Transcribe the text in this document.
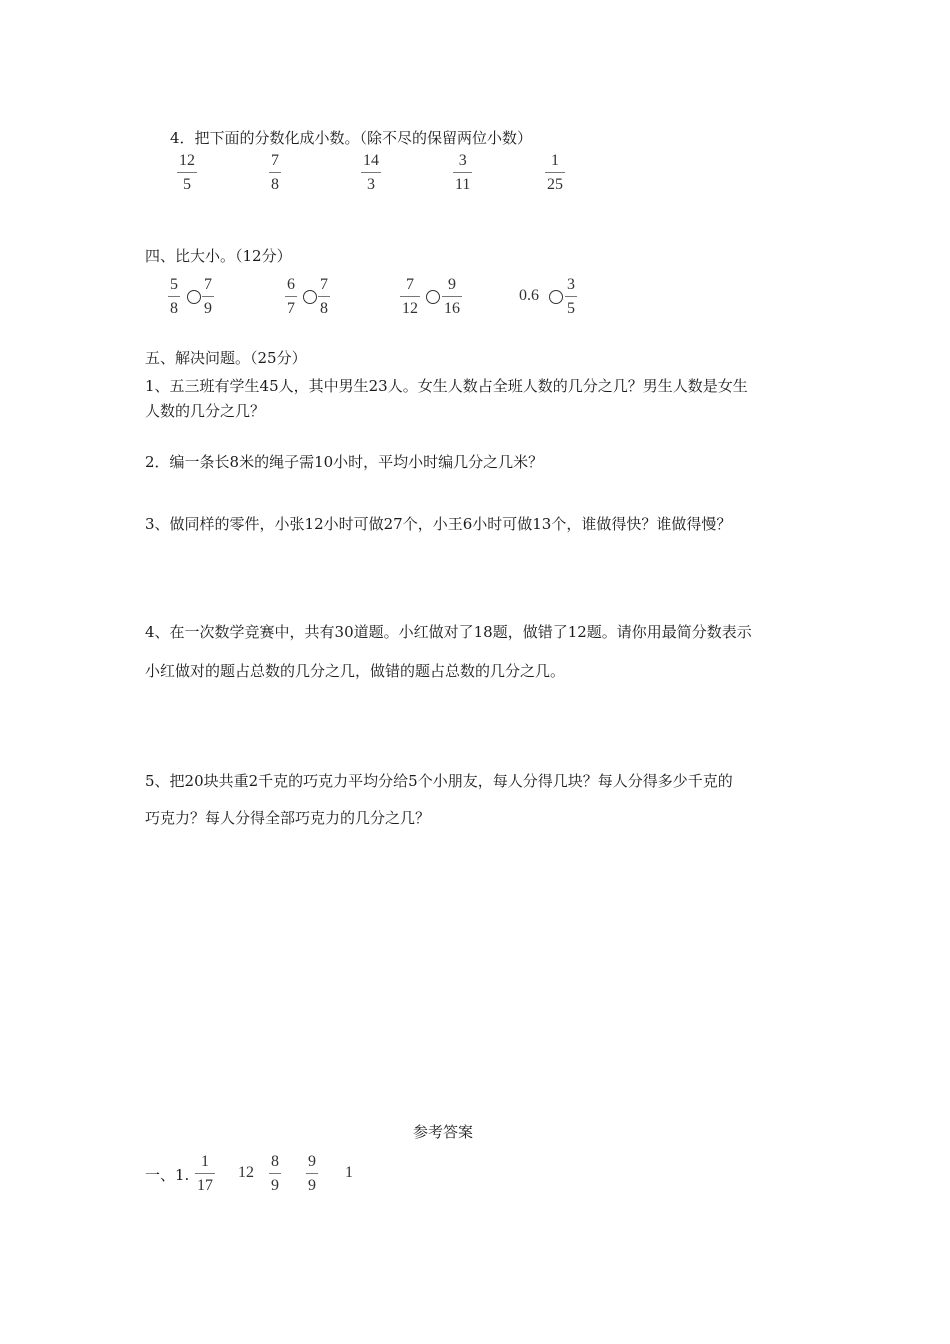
4．把下面的分数化成小数。（除不尽的保留两位小数）
12
5
7
8
14
3
3
11
1
25
四、比大小。（12分）
5
8
7
9
6
7
7
8
7
12
9
16
0.6
3
5
五、解决问题。（25分）
1、五三班有学生45人，其中男生23人。女生人数占全班人数的几分之几？男生人数是女生
人数的几分之几？
2．编一条长8米的绳子需10小时，平均小时编几分之几米？
3、做同样的零件，小张12小时可做27个，小王6小时可做13个，谁做得快？谁做得慢？
4、在一次数学竞赛中，共有30道题。小红做对了18题，做错了12题。请你用最简分数表示
小红做对的题占总数的几分之几，做错的题占总数的几分之几。
5、把20块共重2千克的巧克力平均分给5个小朋友，每人分得几块？每人分得多少千克的
巧克力？每人分得全部巧克力的几分之几？
参考答案
一、1.
1
17
12
8
9
9
9
1
